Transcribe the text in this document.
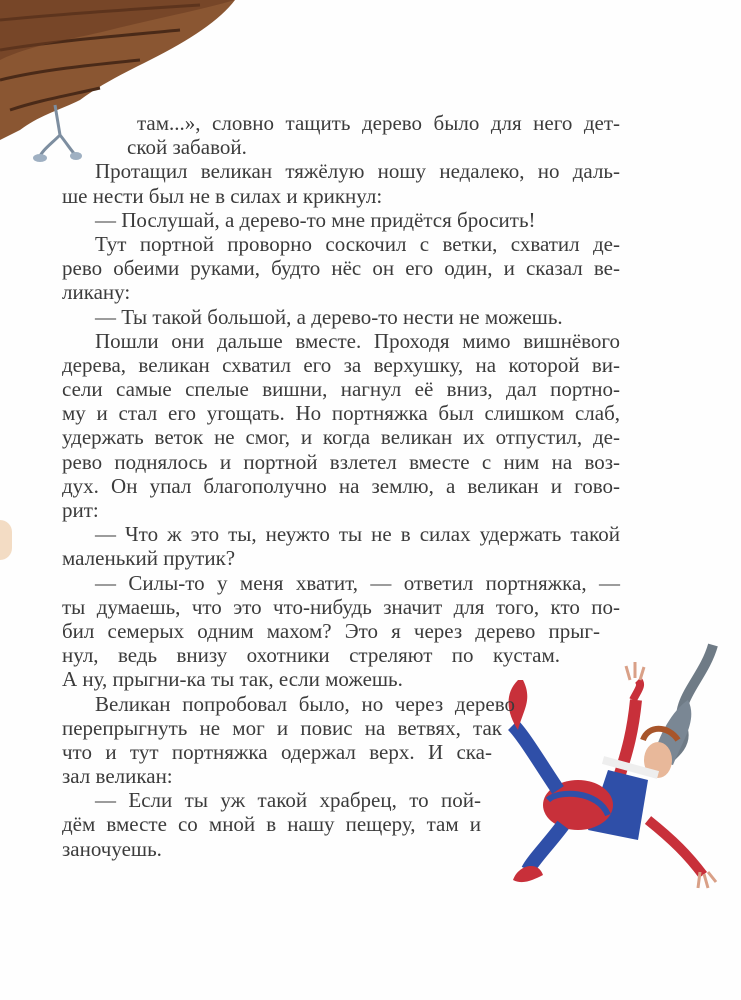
там...», словно тащить дерево было для него дет-
ской забавой.
Протащил великан тяжёлую ношу недалеко, но даль-
ше нести был не в силах и крикнул:
— Послушай, а дерево-то мне придётся бросить!
Тут портной проворно соскочил с ветки, схватил де-
рево обеими руками, будто нёс он его один, и сказал ве-
ликану:
— Ты такой большой, а дерево-то нести не можешь.
Пошли они дальше вместе. Проходя мимо вишнёвого
дерева, великан схватил его за верхушку, на которой ви-
сели самые спелые вишни, нагнул её вниз, дал портно-
му и стал его угощать. Но портняжка был слишком слаб,
удержать веток не смог, и когда великан их отпустил, де-
рево поднялось и портной взлетел вместе с ним на воз-
дух. Он упал благополучно на землю, а великан и гово-
рит:
— Что ж это ты, неужто ты не в силах удержать такой
маленький прутик?
— Силы-то у меня хватит, — ответил портняжка, —
ты думаешь, что это что-нибудь значит для того, кто по-
бил семерых одним махом? Это я через дерево прыг-
нул, ведь внизу охотники стреляют по кустам.
А ну, прыгни-ка ты так, если можешь.
Великан попробовал было, но через дерево
перепрыгнуть не мог и повис на ветвях, так
что и тут портняжка одержал верх. И ска-
зал великан:
— Если ты уж такой храбрец, то пой-
дём вместе со мной в нашу пещеру, там и
заночуешь.
